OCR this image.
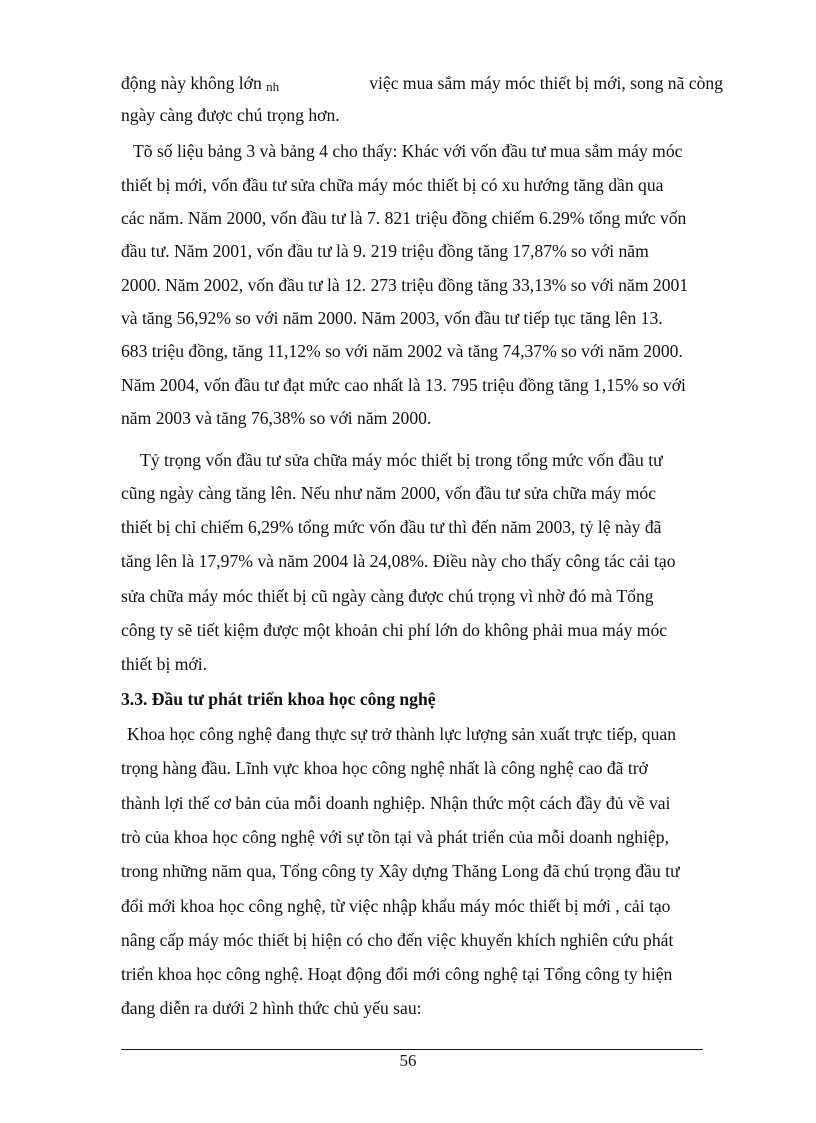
động này không lớn nh	việc mua sắm máy móc thiết bị mới, song nã còng
ngày càng được chú trọng hơn.
Tõ số liệu bảng 3 và bảng 4 cho thấy: Khác với vốn đầu tư mua sắm máy móc
thiết bị mới, vốn đầu tư sửa chữa máy móc thiết bị có xu hướng tăng dần qua
các năm. Năm 2000, vốn đầu tư là 7. 821 triệu đồng chiếm 6.29% tổng mức vốn
đầu tư. Năm 2001, vốn đầu tư là 9. 219 triệu đồng tăng 17,87% so với năm
2000. Năm 2002, vốn đầu tư là 12. 273 triệu đồng tăng 33,13% so với năm 2001
và tăng 56,92% so với năm 2000. Năm 2003, vốn đầu tư tiếp tục tăng lên 13.
683 triệu đồng, tăng 11,12% so với năm 2002 và tăng 74,37% so với năm 2000.
Năm 2004, vốn đầu tư đạt mức cao nhất là 13. 795 triệu đồng tăng 1,15% so với
năm 2003 và tăng 76,38% so với năm 2000.
Tỷ trọng vốn đầu tư sửa chữa máy móc thiết bị trong tổng mức vốn đầu tư
cũng ngày càng tăng lên. Nếu như năm 2000, vốn đầu tư sửa chữa máy móc
thiết bị chỉ chiếm 6,29% tổng mức vốn đầu tư thì đến năm 2003, tỷ lệ này đã
tăng lên là 17,97% và năm 2004 là 24,08%. Điều này cho thấy công tác cải tạo
sửa chữa máy móc thiết bị cũ ngày càng được chú trọng vì nhờ đó mà Tổng
công ty sẽ tiết kiệm được một khoản chi phí lớn do không phải mua máy móc
thiết bị mới.
3.3. Đầu tư phát triển khoa học công nghệ
Khoa học công nghệ đang thực sự trở thành lực lượng sản xuất trực tiếp, quan
trọng hàng đầu. Lĩnh vực khoa học công nghệ nhất là công nghệ cao đã trở
thành lợi thế cơ bản của mỗi doanh nghiệp. Nhận thức một cách đầy đủ về vai
trò của khoa học công nghệ với sự tồn tại và phát triển của mỗi doanh nghiệp,
trong những năm qua, Tổng công ty Xây dựng Thăng Long đã chú trọng đầu tư
đổi mới khoa học công nghệ, từ việc nhập khẩu máy móc thiết bị mới , cải tạo
nâng cấp máy móc thiết bị hiện có cho đến việc khuyến khích nghiên cứu phát
triển khoa học công nghệ. Hoạt động đổi mới công nghệ tại Tổng công ty hiện
đang diễn ra dưới 2 hình thức chủ yếu sau:
56
